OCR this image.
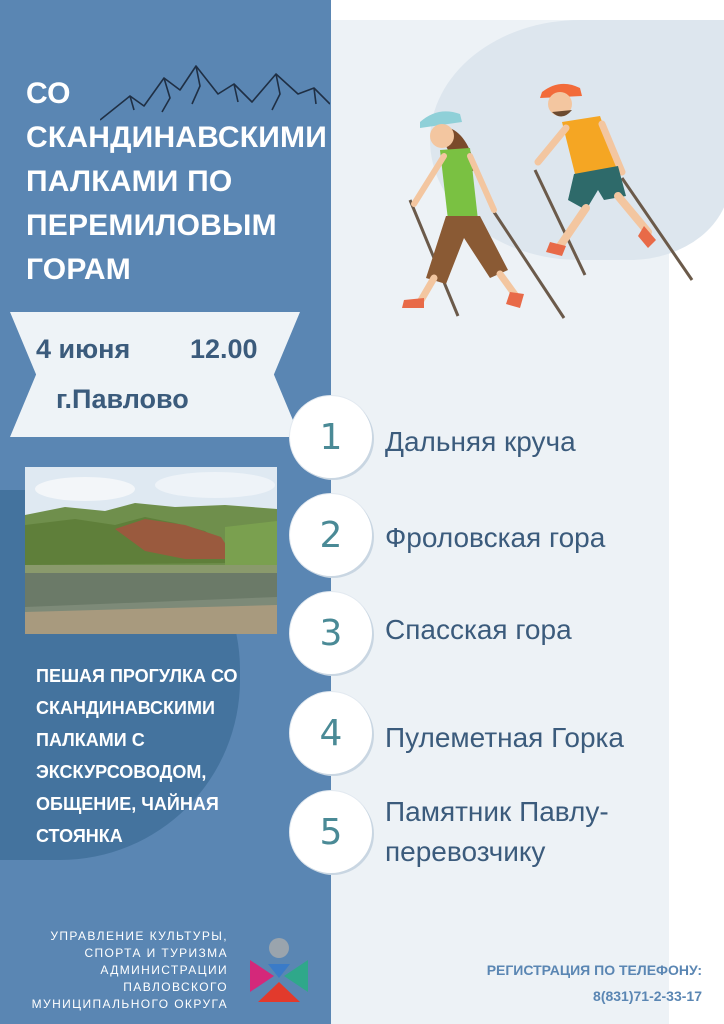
СО СКАНДИНАВСКИМИ ПАЛКАМИ ПО ПЕРЕМИЛОВЫМ ГОРАМ
4 июня 12.00
г.Павлово

ПЕШАЯ ПРОГУЛКА СО СКАНДИНАВСКИМИ ПАЛКАМИ С ЭКСКУРСОВОДОМ, ОБЩЕНИЕ, ЧАЙНАЯ СТОЯНКА

УПРАВЛЕНИЕ КУЛЬТУРЫ, СПОРТА И ТУРИЗМА АДМИНИСТРАЦИИ ПАВЛОВСКОГО МУНИЦИПАЛЬНОГО ОКРУГА
1 Дальняя круча
2 Фроловская гора
3 Спасская гора
4 Пулеметная Горка
5 Памятник Павлу-перевозчику
РЕГИСТРАЦИЯ ПО ТЕЛЕФОНУ:
8(831)71-2-33-17
